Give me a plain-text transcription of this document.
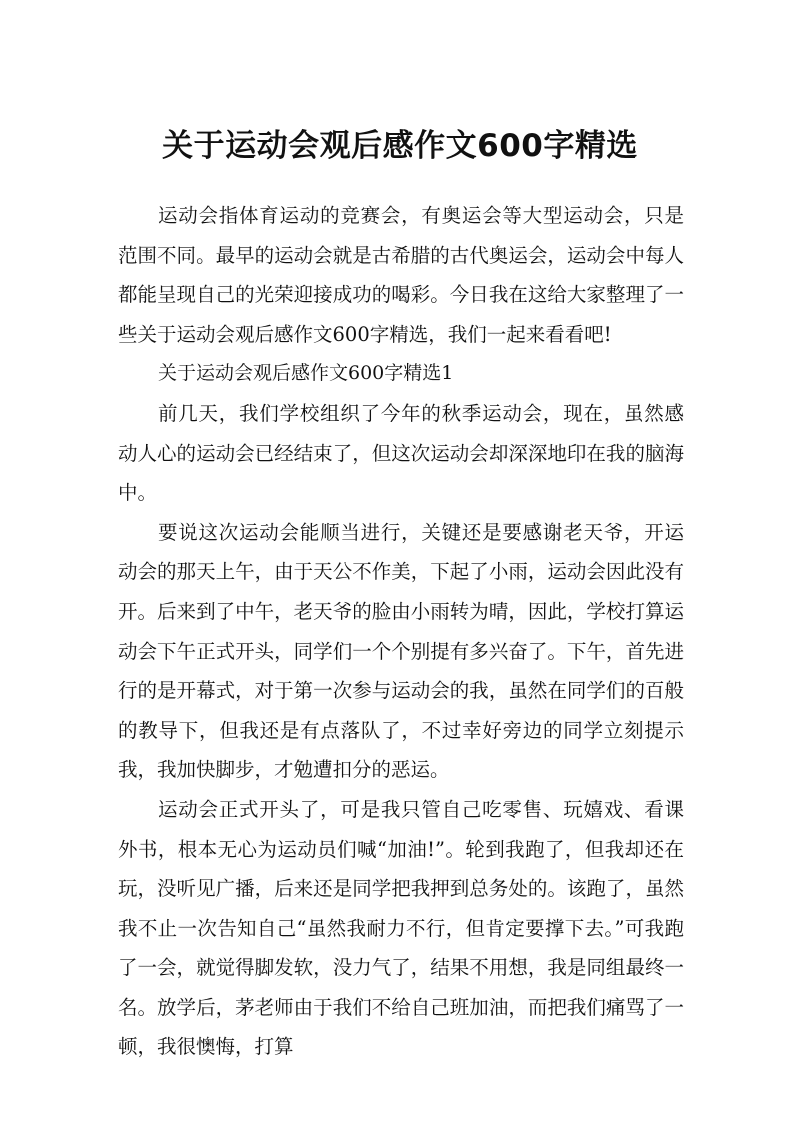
关于运动会观后感作文600字精选

运动会指体育运动的竞赛会，有奥运会等大型运动会，只是范围不同。最早的运动会就是古希腊的古代奥运会，运动会中每人都能呈现自己的光荣迎接成功的喝彩。今日我在这给大家整理了一些关于运动会观后感作文600字精选，我们一起来看看吧!

关于运动会观后感作文600字精选1

前几天，我们学校组织了今年的秋季运动会，现在，虽然感动人心的运动会已经结束了，但这次运动会却深深地印在我的脑海中。

要说这次运动会能顺当进行，关键还是要感谢老天爷，开运动会的那天上午，由于天公不作美，下起了小雨，运动会因此没有开。后来到了中午，老天爷的脸由小雨转为晴，因此，学校打算运动会下午正式开头，同学们一个个别提有多兴奋了。下午，首先进行的是开幕式，对于第一次参与运动会的我，虽然在同学们的百般的教导下，但我还是有点落队了，不过幸好旁边的同学立刻提示我，我加快脚步，才勉遭扣分的恶运。

运动会正式开头了，可是我只管自己吃零售、玩嬉戏、看课外书，根本无心为运动员们喊“加油!”。轮到我跑了，但我却还在玩，没听见广播，后来还是同学把我押到总务处的。该跑了，虽然我不止一次告知自己“虽然我耐力不行，但肯定要撑下去。”可我跑了一会，就觉得脚发软，没力气了，结果不用想，我是同组最终一名。放学后，茅老师由于我们不给自己班加油，而把我们痛骂了一顿，我很懊悔，打算
